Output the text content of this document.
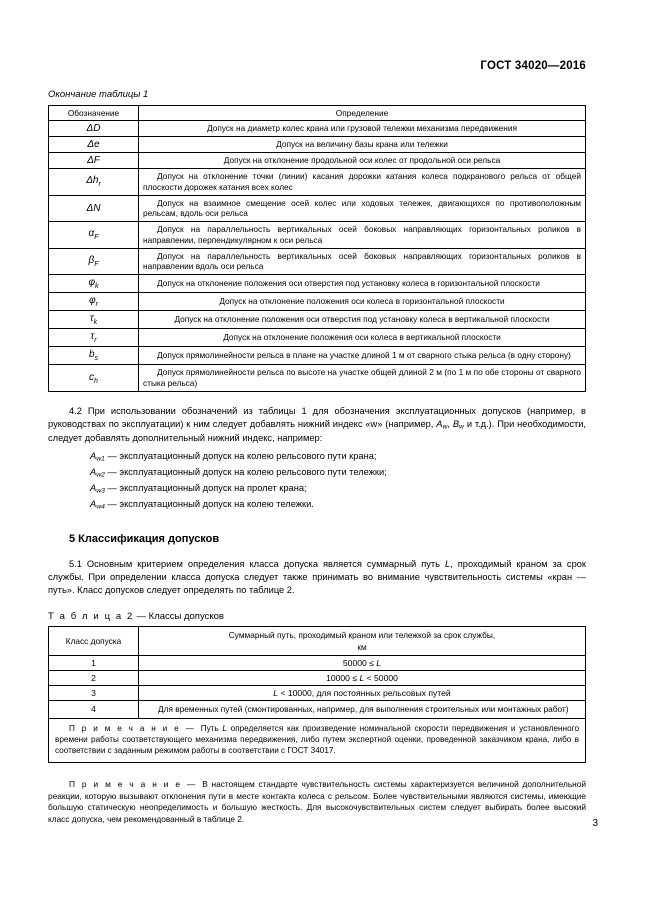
ГОСТ 34020—2016
Окончание таблицы 1
Обозначение	Определение
ΔD	Допуск на диаметр колес крана или грузовой тележки механизма передвижения
Δe	Допуск на величину базы крана или тележки
ΔF	Допуск на отклонение продольной оси колес от продольной оси рельса
$\Delta h_r$	Допуск на отклонение точки (линии) касания дорожки катания колеса подкранового рельса от общей плоскости дорожек катания всех колес
ΔN	Допуск на взаимное смещение осей колес или ходовых тележек, двигающихся по противоположным рельсам, вдоль оси рельса
$\alpha_F$	Допуск на параллельность вертикальных осей боковых направляющих горизонтальных роликов в направлении, перпендикулярном к оси рельса
$\beta_F$	Допуск на параллельность вертикальных осей боковых направляющих горизонтальных роликов в направлении вдоль оси рельса
$\varphi_k$	Допуск на отклонение положения оси отверстия под установку колеса в горизонтальной плоскости
$\varphi_r$	Допуск на отклонение положения оси колеса в горизонтальной плоскости
$\tau_k$	Допуск на отклонение положения оси отверстия под установку колеса в вертикальной плоскости
$\tau_r$	Допуск на отклонение положения оси колеса в вертикальной плоскости
$b_s$	Допуск прямолинейности рельса в плане на участке длиной 1 м от сварного стыка рельса (в одну сторону)
$c_h$	Допуск прямолинейности рельса по высоте на участке общей длиной 2 м (по 1 м по обе стороны от сварного стыка рельса)

4.2 При использовании обозначений из таблицы 1 для обозначения эксплуатационных допусков (например, в руководствах по эксплуатации) к ним следует добавлять нижний индекс «w» (например, Aw, Bw и т.д.). При необходимости, следует добавлять дополнительный нижний индекс, например:

Aw1 — эксплуатационный допуск на колею рельсового пути крана;
Aw2 — эксплуатационный допуск на колею рельсового пути тележки;
Aw3 — эксплуатационный допуск на пролет крана;
Aw4 — эксплуатационный допуск на колею тележки.
5 Классификация допусков

5.1 Основным критерием определения класса допуска является суммарный путь L, проходимый краном за срок службы. При определении класса допуска следует также принимать во внимание чувствительность системы «кран — путь». Класс допусков следует определять по таблице 2.

Т а б л и ц а 2 — Классы допусков
Класс допуска	Суммарный путь, проходимый краном или тележкой за срок службы,
км
1	50000 ≤ L
2	10000 ≤ L < 50000
3	L < 10000, для постоянных рельсовых путей
4	Для временных путей (смонтированных, например, для выполнения строительных или монтажных работ)
П р и м е ч а н и е — Путь L определяется как произведение номинальной скорости передвижения и установленного времени работы соответствующего механизма передвижения, либо путем экспертной оценки, проведенной заказчиком крана, либо в соответствии с заданным режимом работы в соответствии с ГОСТ 34017.	

П р и м е ч а н и е — В настоящем стандарте чувствительность системы характеризуется величиной дополнительной реакции, которую вызывают отклонения пути в месте контакта колеса с рельсом. Более чувствительными являются системы, имеющие большую статическую неопределимость и большую жесткость. Для высокочувствительных систем следует выбирать более высокий класс допуска, чем рекомендованный в таблице 2.	3
